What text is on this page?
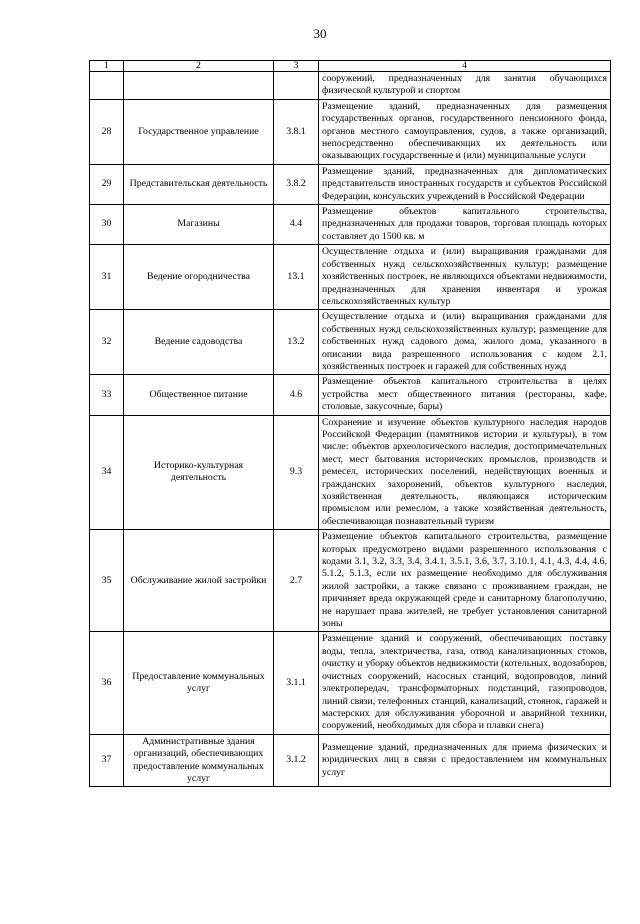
30
1	2	3	4
			сооружений, предназначенных для занятия обучающихся физической культурой и спортом
28	Государственное управление	3.8.1	Размещение зданий, предназначенных для размещения государственных органов, государственного пенсионного фонда, органов местного самоуправления, судов, а также организаций, непосредственно обеспечивающих их деятельность или оказывающих государственные и (или) муниципальные услуги
29	Представительская деятельность	3.8.2	Размещение зданий, предназначенных для дипломатических представительств иностранных государств и субъектов Российской Федерации, консульских учреждений в Российской Федерации
30	Магазины	4.4	Размещение объектов капитального строительства, предназначенных для продажи товаров, торговая площадь которых составляет до 1500 кв. м
31	Ведение огородничества	13.1	Осуществление отдыха и (или) выращивания гражданами для собственных нужд сельскохозяйственных культур; размещение хозяйственных построек, не являющихся объектами недвижимости, предназначенных для хранения инвентаря и урожая сельскохозяйственных культур
32	Ведение садоводства	13.2	Осуществление отдыха и (или) выращивания гражданами для собственных нужд сельскохозяйственных культур; размещение для собственных нужд садового дома, жилого дома, указанного в описании вида разрешенного использования с кодом 2.1, хозяйственных построек и гаражей для собственных нужд
33	Общественное питание	4.6	Размещение объектов капитального строительства в целях устройства мест общественного питания (рестораны, кафе, столовые, закусочные, бары)
34	Историко-культурная деятельность	9.3	Сохранение и изучение объектов культурного наследия народов Российской Федерации (памятников истории и культуры), в том числе: объектов археологического наследия, достопримечательных мест, мест бытования исторических промыслов, производств и ремесел, исторических поселений, недействующих военных и гражданских захоронений, объектов культурного наследия, хозяйственная деятельность, являющаяся историческим промыслом или ремеслом, а также хозяйственная деятельность, обеспечивающая познавательный туризм
35	Обслуживание жилой застройки	2.7	Размещение объектов капитального строительства, размещение которых предусмотрено видами разрешенного использования с кодами 3.1, 3.2, 3.3, 3.4, 3.4.1, 3.5.1, 3.6, 3.7, 3.10.1, 4.1, 4.3, 4.4, 4.6, 5.1.2, 5.1.3, если их размещение необходимо для обслуживания жилой застройки, а также связано с проживанием граждан, не причиняет вреда окружающей среде и санитарному благополучию, не нарушает права жителей, не требует установления санитарной зоны
36	Предоставление коммунальных услуг	3.1.1	Размещение зданий и сооружений, обеспечивающих поставку воды, тепла, электричества, газа, отвод канализационных стоков, очистку и уборку объектов недвижимости (котельных, водозаборов, очистных сооружений, насосных станций, водопроводов, линий электропередач, трансформаторных подстанций, газопроводов, линий связи, телефонных станций, канализаций, стоянок, гаражей и мастерских для обслуживания уборочной и аварийной техники, сооружений, необходимых для сбора и плавки снега)
37	Административные здания организаций, обеспечивающих предоставление коммунальных услуг	3.1.2	Размещение зданий, предназначенных для приема физических и юридических лиц в связи с предоставлением им коммунальных услуг
